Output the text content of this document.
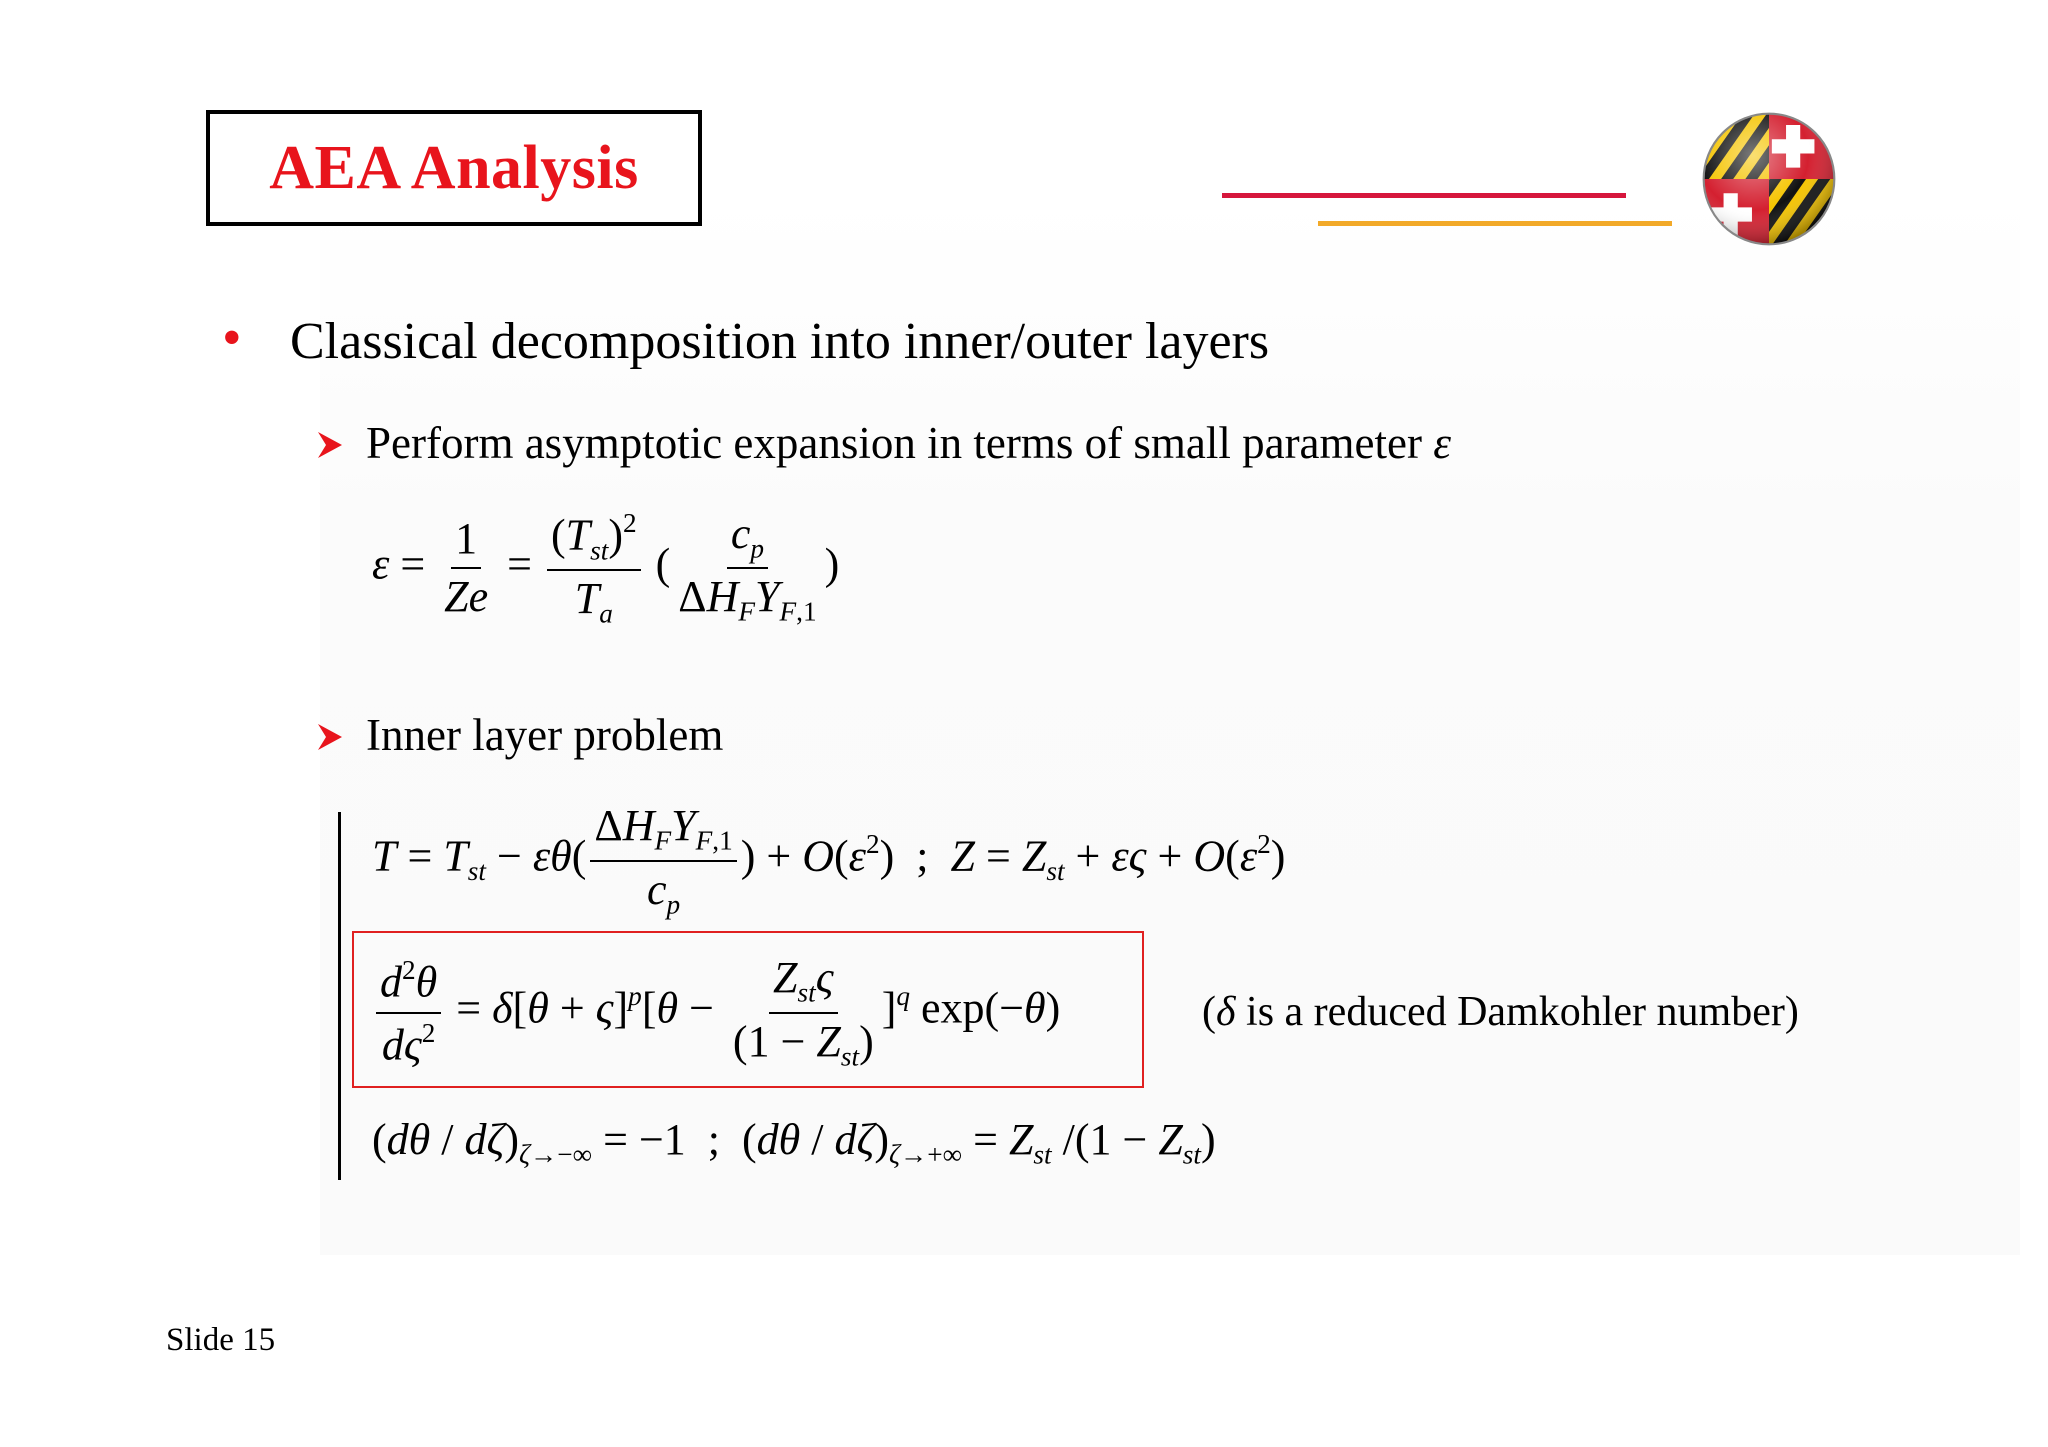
AEA Analysis
• Classical decomposition into inner/outer layers
Perform asymptotic expansion in terms of small parameter ε
$\varepsilon = \frac{1}{Ze} = \frac{(T_{st})^2}{T_a}$ ( $\frac{c_p}{\Delta H_FY_{F,1}}$ )
Inner layer problem
$T = T_{st} - \varepsilon\theta( \frac{\Delta H_FY_{F,1}}{c_p}$ ) + $O(\varepsilon^2)$  ;  $Z = Z_{st} + \varepsilon\varsigma + O(\varepsilon^2)$
$\frac{d^2\theta}{d\varsigma^2} = \delta[\theta + \varsigma]^p[\theta - \frac{Z_{st}\varsigma}{(1 - Z_{st})} ]^q$ exp(−θ)	(δ is a reduced Damkohler number)
$(d\theta / d\zeta)_{\zeta\to-\infty} = -1$  ;  $(d\theta / d\zeta)_{\zeta\to+\infty} = Z_{st}$ $/(1 - Z_{st})$
Slide 15
